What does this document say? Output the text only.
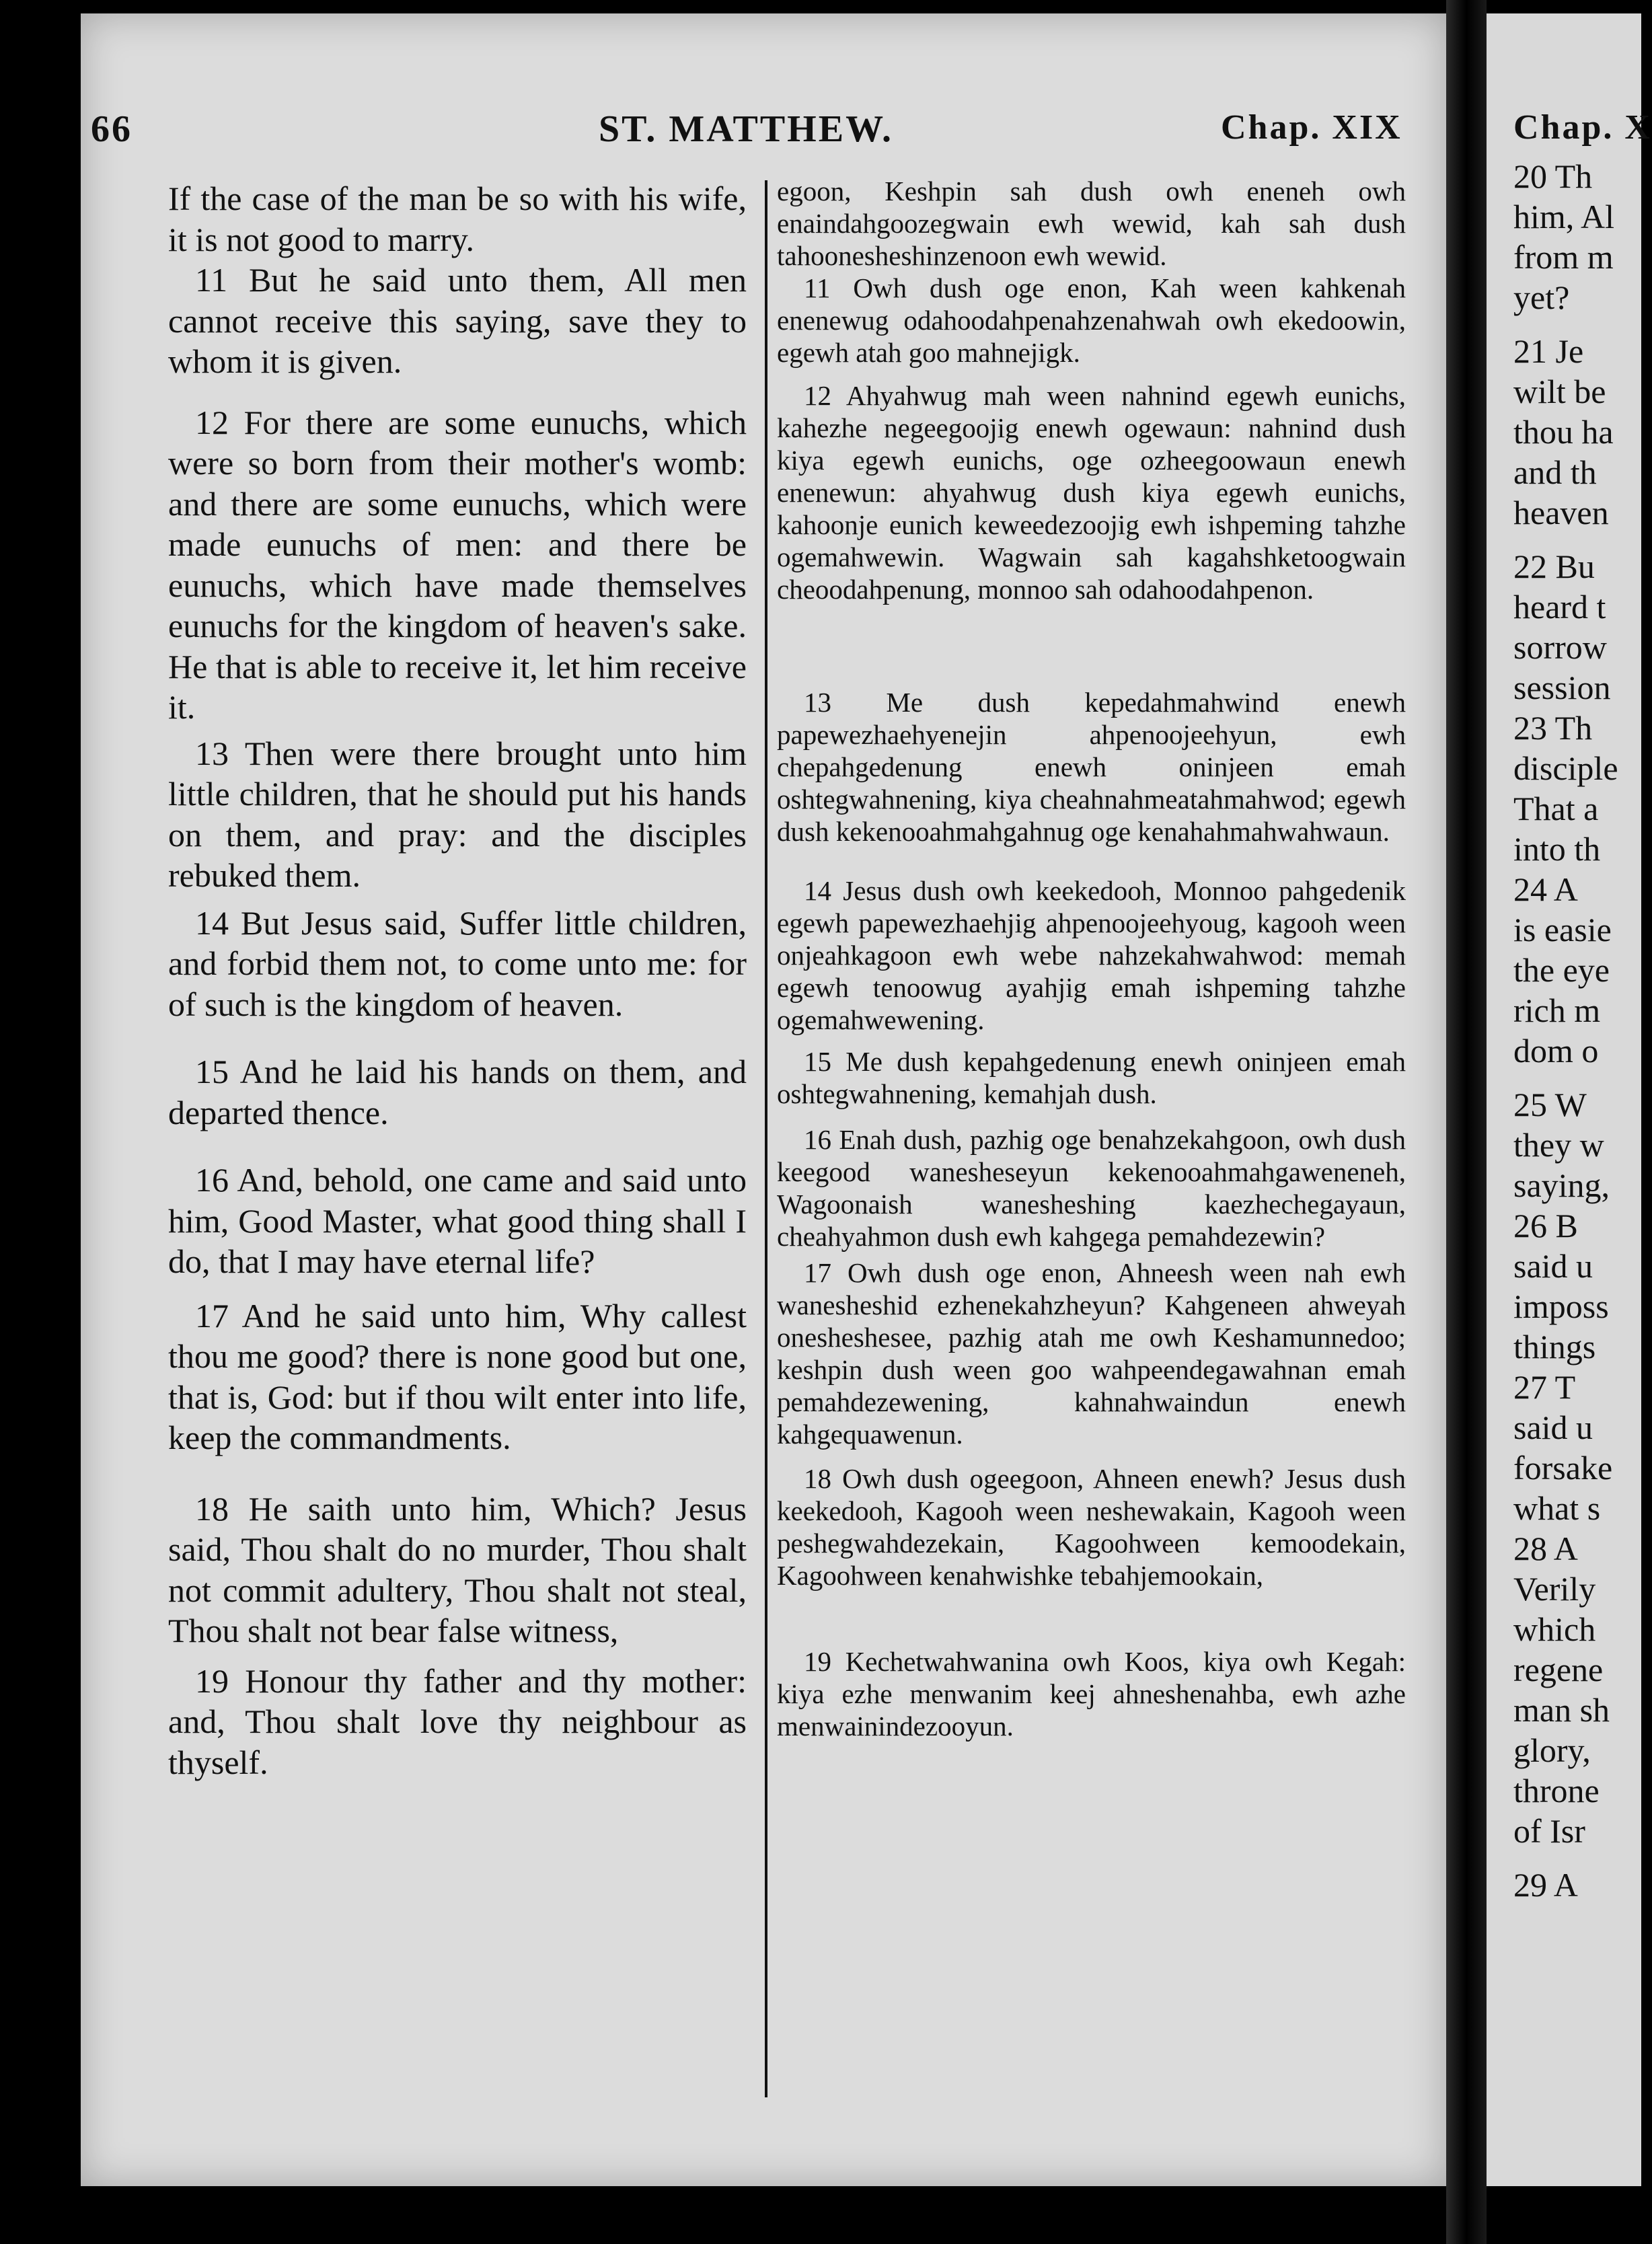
66	ST. MATTHEW.	Chap. XIX

If the case of the man be so with his wife, it is not good to marry.

11 But he said unto them, All men cannot receive this saying, save they to whom it is given.

12 For there are some eunuchs, which were so born from their mother's womb: and there are some eunuchs, which were made eunuchs of men: and there be eunuchs, which have made themselves eunuchs for the kingdom of heaven's sake. He that is able to receive it, let him receive it.

13 Then were there brought unto him little children, that he should put his hands on them, and pray: and the disciples rebuked them.

14 But Jesus said, Suffer little children, and forbid them not, to come unto me: for of such is the kingdom of heaven.

15 And he laid his hands on them, and departed thence.

16 And, behold, one came and said unto him, Good Master, what good thing shall I do, that I may have eternal life?

17 And he said unto him, Why callest thou me good? there is none good but one, that is, God: but if thou wilt enter into life, keep the commandments.

18 He saith unto him, Which? Jesus said, Thou shalt do no murder, Thou shalt not commit adultery, Thou shalt not steal, Thou shalt not bear false witness,

19 Honour thy father and thy mother: and, Thou shalt love thy neighbour as thyself.

egoon, Keshpin sah dush owh eneneh owh enaindahgoozegwain ewh wewid, kah sah dush tahoonesheshinzenoon ewh wewid.

11 Owh dush oge enon, Kah ween kahkenah enenewug odahoodahpenahzenahwah owh ekedoowin, egewh atah goo mahnejigk.

12 Ahyahwug mah ween nahnind egewh eunichs, kahezhe negeegoojig enewh ogewaun: nahnind dush kiya egewh eunichs, oge ozheegoowaun enewh enenewun: ahyahwug dush kiya egewh eunichs, kahoonje eunich keweedezoojig ewh ishpeming tahzhe ogemahwewin. Wagwain sah kagahshketoogwain cheoodahpenung, monnoo sah odahoodahpenon.

13 Me dush kepedahmahwind enewh papewezhaehyenejin ahpenoojeehyun, ewh chepahgedenung enewh oninjeen emah oshtegwahnening, kiya cheahnahmeatahmahwod; egewh dush kekenooahmahgahnug oge kenahahmahwahwaun.

14 Jesus dush owh keekedooh, Monnoo pahgedenik egewh papewezhaehjig ahpenoojeehyoug, kagooh ween onjeahkagoon ewh webe nahzekahwahwod: memah egewh tenoowug ayahjig emah ishpeming tahzhe ogemahwewening.

15 Me dush kepahgedenung enewh oninjeen emah oshtegwahnening, kemahjah dush.

16 Enah dush, pazhig oge benahzekahgoon, owh dush keegood wanesheseyun kekenooahmahgaweneneh, Wagoonaish wanesheshing kaezhechegayaun, cheahyahmon dush ewh kahgega pemahdezewin?

17 Owh dush oge enon, Ahneesh ween nah ewh wanesheshid ezhenekahzheyun? Kahgeneen ahweyah onesheshesee, pazhig atah me owh Keshamunnedoo; keshpin dush ween goo wahpeendegawahnan emah pemahdezewening, kahnahwaindun enewh kahgequawenun.

18 Owh dush ogeegoon, Ahneen enewh? Jesus dush keekedooh, Kagooh ween neshewakain, Kagooh ween peshegwahdezekain, Kagoohween kemoodekain, Kagoohween kenahwishke tebahjemookain,

19 Kechetwahwanina owh Koos, kiya owh Kegah: kiya ezhe menwanim keej ahneshenahba, ewh azhe menwainindezooyun.

Chap. X
20 Th
him, Al
from m
yet?

21 Je
wilt be
thou ha
and th
heaven

22 Bu
heard t
sorrow
session
23 Th
disciple
That a
into th
24 A
is easie
the eye
rich m
dom o

25 W
they w
saying,
26 B
said u
imposs
things
27 T
said u
forsake
what s
28 A
Verily
which
regene
man sh
glory,
throne
of Isr

29 A
